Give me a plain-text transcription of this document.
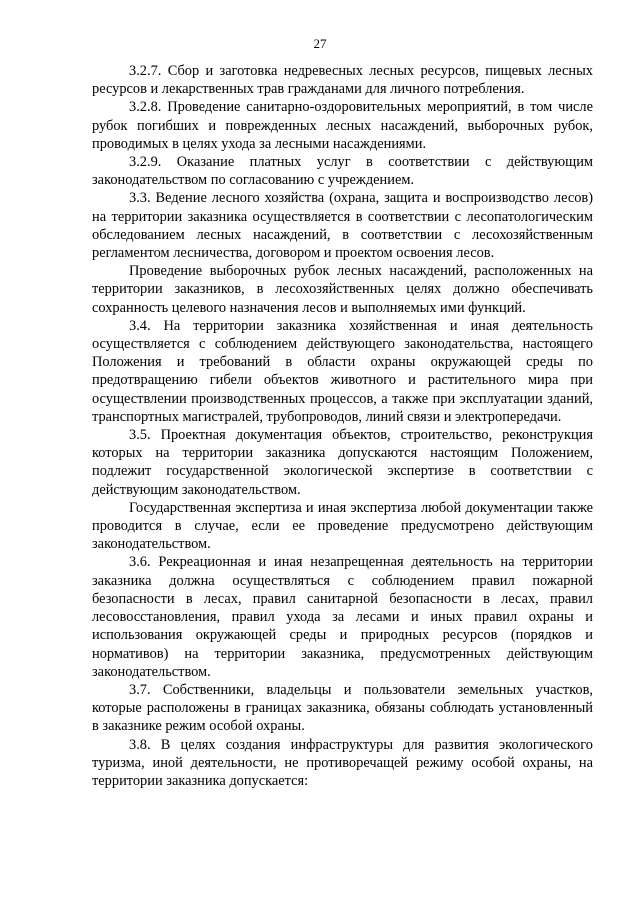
27

3.2.7. Сбор и заготовка недревесных лесных ресурсов, пищевых лесных ресурсов и лекарственных трав гражданами для личного потребления.

3.2.8. Проведение санитарно-оздоровительных мероприятий, в том числе рубок погибших и поврежденных лесных насаждений, выборочных рубок, проводимых в целях ухода за лесными насаждениями.

3.2.9. Оказание платных услуг в соответствии с действующим законодательством по согласованию с учреждением.

3.3. Ведение лесного хозяйства (охрана, защита и воспроизводство лесов) на территории заказника осуществляется в соответствии с лесопатологическим обследованием лесных насаждений, в соответствии с лесохозяйственным регламентом лесничества, договором и проектом освоения лесов.

Проведение выборочных рубок лесных насаждений, расположенных на территории заказников, в лесохозяйственных целях должно обеспечивать сохранность целевого назначения лесов и выполняемых ими функций.

3.4. На территории заказника хозяйственная и иная деятельность осуществляется с соблюдением действующего законодательства, настоящего Положения и требований в области охраны окружающей среды по предотвращению гибели объектов животного и растительного мира при осуществлении производственных процессов, а также при эксплуатации зданий, транспортных магистралей, трубопроводов, линий связи и электропередачи.

3.5. Проектная документация объектов, строительство, реконструкция которых на территории заказника допускаются настоящим Положением, подлежит государственной экологической экспертизе в соответствии с действующим законодательством.

Государственная экспертиза и иная экспертиза любой документации также проводится в случае, если ее проведение предусмотрено действующим законодательством.

3.6. Рекреационная и иная незапрещенная деятельность на территории заказника должна осуществляться с соблюдением правил пожарной безопасности в лесах, правил санитарной безопасности в лесах, правил лесовосстановления, правил ухода за лесами и иных правил охраны и использования окружающей среды и природных ресурсов (порядков и нормативов) на территории заказника, предусмотренных действующим законодательством.

3.7. Собственники, владельцы и пользователи земельных участков, которые расположены в границах заказника, обязаны соблюдать установленный в заказнике режим особой охраны.

3.8. В целях создания инфраструктуры для развития экологического туризма, иной деятельности, не противоречащей режиму особой охраны, на территории заказника допускается:
